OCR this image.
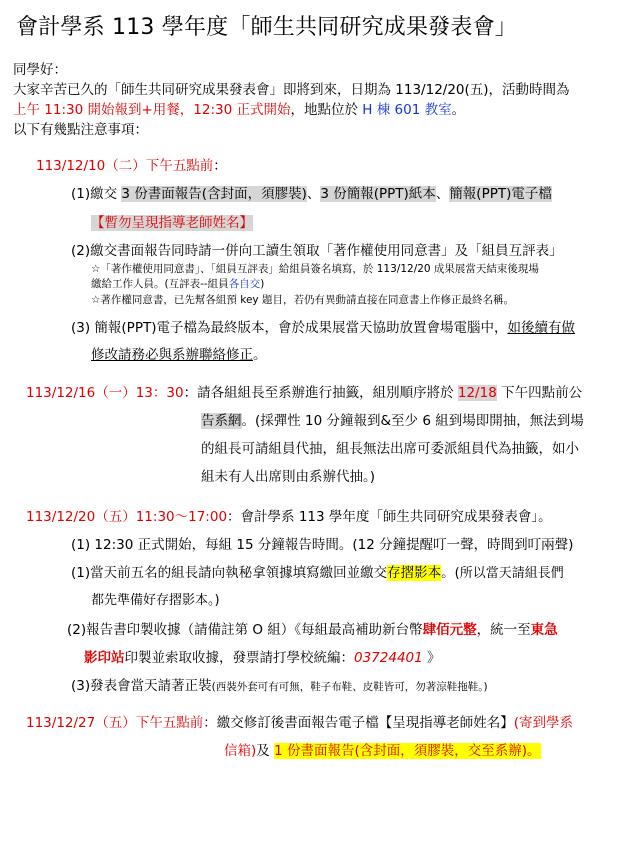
會計學系 113 學年度「師生共同研究成果發表會」
同學好：
大家辛苦已久的「師生共同研究成果發表會」即將到來，日期為 113/12/20(五)，活動時間為
上午 11:30 開始報到+用餐，12:30 正式開始，地點位於 H 棟 601 教室。
以下有幾點注意事項：
113/12/10（二）下午五點前：
(1)繳交 3 份書面報告(含封面，須膠裝)、3 份簡報(PPT)紙本、簡報(PPT)電子檔
【暫勿呈現指導老師姓名】
(2)繳交書面報告同時請一併向工讀生領取「著作權使用同意書」及「組員互評表」
☆「著作權使用同意書」、「組員互評表」給組員簽名填寫，於 113/12/20 成果展當天結束後現場
繳給工作人員。(互評表--組員各自交)
☆著作權同意書，已先幫各組預 key 題目，若仍有異動請直接在同意書上作修正最終名稱。
(3) 簡報(PPT)電子檔為最終版本，會於成果展當天協助放置會場電腦中，如後續有做
修改請務必與系辦聯絡修正。
113/12/16（一）13：30：請各組組長至系辦進行抽籤，組別順序將於 12/18 下午四點前公
告系網。(採彈性 10 分鐘報到&至少 6 組到場即開抽，無法到場
的組長可請組員代抽，組長無法出席可委派組員代為抽籤，如小
組未有人出席則由系辦代抽。)
113/12/20（五）11:30～17:00：會計學系 113 學年度「師生共同研究成果發表會」。
(1) 12:30 正式開始，每組 15 分鐘報告時間。(12 分鐘提醒叮一聲，時間到叮兩聲)
(1)當天前五名的組長請向執秘拿領據填寫繳回並繳交存摺影本。(所以當天請組長們
都先準備好存摺影本。)
(2)報告書印製收據（請備註第 O 組）《每組最高補助新台幣肆佰元整，統一至東急
影印站印製並索取收據，發票請打學校統編：03724401 》
(3)發表會當天請著正裝(西裝外套可有可無，鞋子布鞋、皮鞋皆可，勿著涼鞋拖鞋。)
113/12/27（五）下午五點前：繳交修訂後書面報告電子檔【呈現指導老師姓名】(寄到學系
信箱)及 1 份書面報告(含封面，須膠裝，交至系辦)。
